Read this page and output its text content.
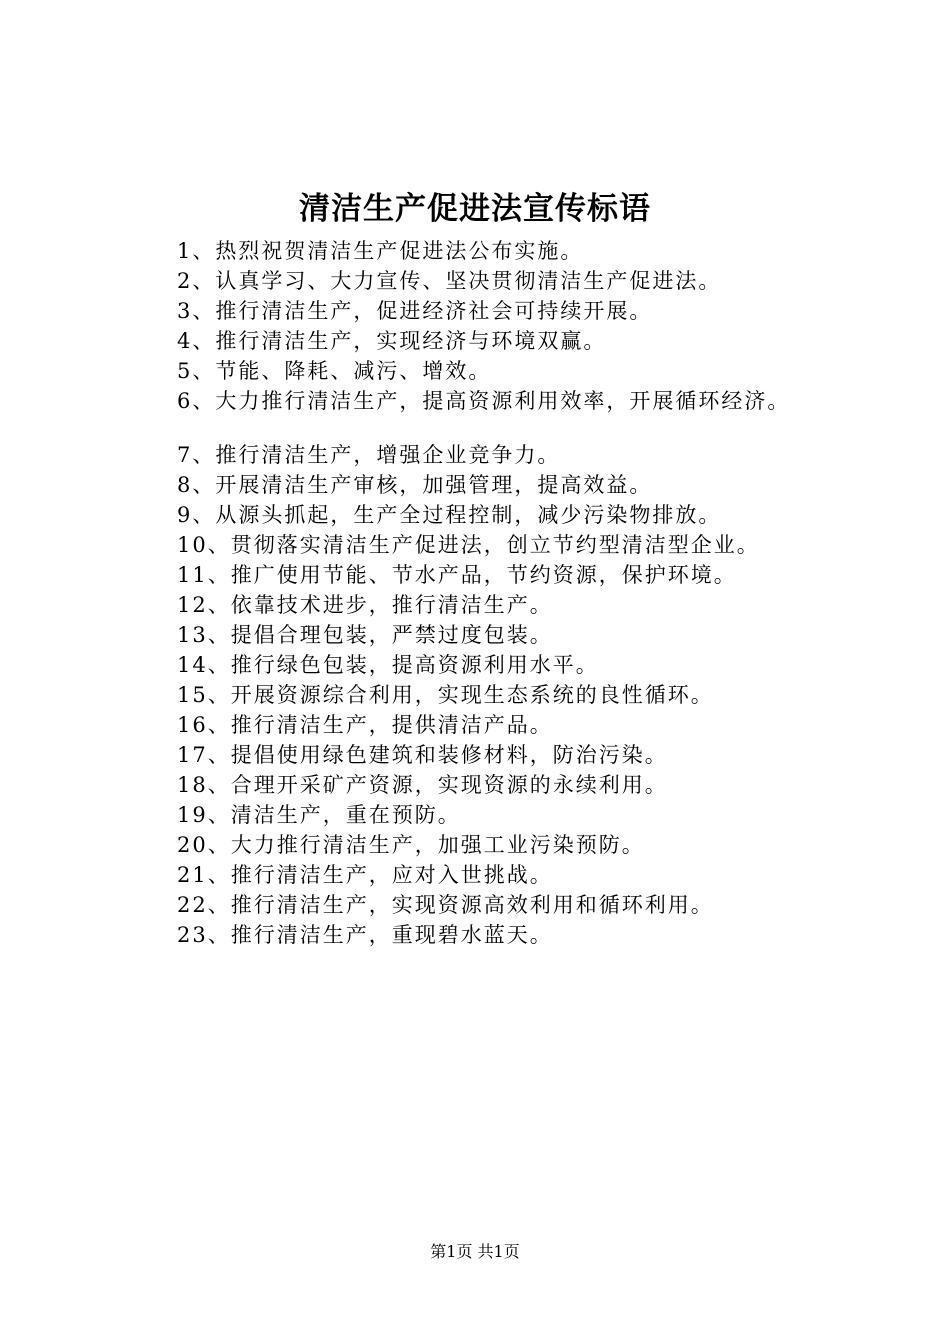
清洁生产促进法宣传标语
1、热烈祝贺清洁生产促进法公布实施。
2、认真学习、大力宣传、坚决贯彻清洁生产促进法。
3、推行清洁生产，促进经济社会可持续开展。
4、推行清洁生产，实现经济与环境双赢。
5、节能、降耗、减污、增效。
6、大力推行清洁生产，提高资源利用效率，开展循环经济。
7、推行清洁生产，增强企业竞争力。
8、开展清洁生产审核，加强管理，提高效益。
9、从源头抓起，生产全过程控制，减少污染物排放。
10、贯彻落实清洁生产促进法，创立节约型清洁型企业。
11、推广使用节能、节水产品，节约资源，保护环境。
12、依靠技术进步，推行清洁生产。
13、提倡合理包装，严禁过度包装。
14、推行绿色包装，提高资源利用水平。
15、开展资源综合利用，实现生态系统的良性循环。
16、推行清洁生产，提供清洁产品。
17、提倡使用绿色建筑和装修材料，防治污染。
18、合理开采矿产资源，实现资源的永续利用。
19、清洁生产，重在预防。
20、大力推行清洁生产，加强工业污染预防。
21、推行清洁生产，应对入世挑战。
22、推行清洁生产，实现资源高效利用和循环利用。
23、推行清洁生产，重现碧水蓝天。
第1页 共1页
